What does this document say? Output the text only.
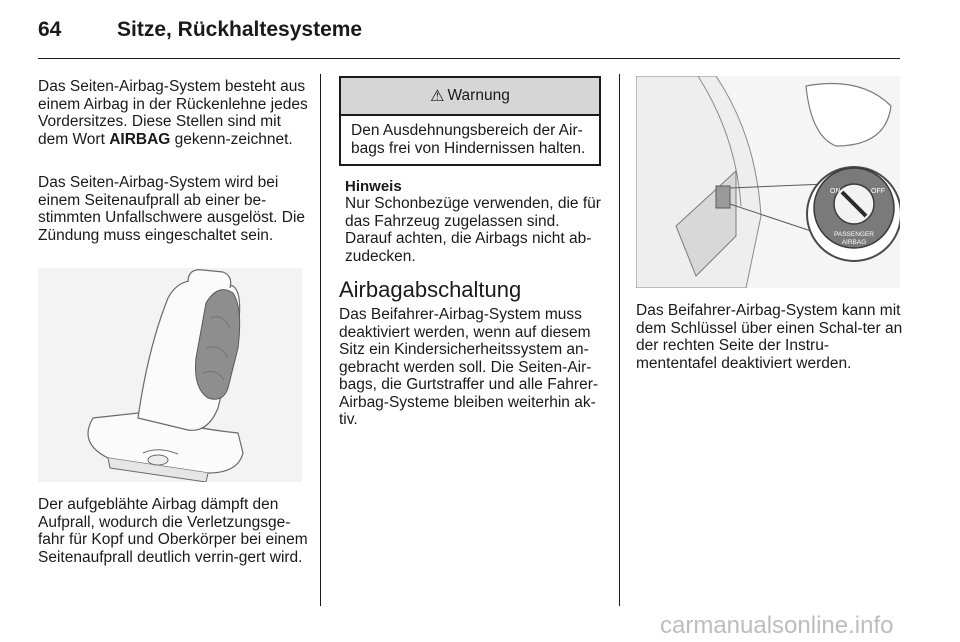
64	Sitze, Rückhaltesysteme

Das Seiten-Airbag-System besteht aus einem Airbag in der Rückenlehne jedes Vordersitzes. Diese Stellen sind mit dem Wort AIRBAG gekenn-zeichnet.

Das Seiten-Airbag-System wird bei einem Seitenaufprall ab einer be-stimmten Unfallschwere ausgelöst. Die Zündung muss eingeschaltet sein.

Der aufgeblähte Airbag dämpft den Aufprall, wodurch die Verletzungsge-fahr für Kopf und Oberkörper bei einem Seitenaufprall deutlich verrin-gert wird.

⚠ Warnung
Den Ausdehnungsbereich der Air-bags frei von Hindernissen halten.
Hinweis

Nur Schonbezüge verwenden, die für das Fahrzeug zugelassen sind. Darauf achten, die Airbags nicht ab-zudecken.

Airbagabschaltung

Das Beifahrer-Airbag-System muss deaktiviert werden, wenn auf diesem Sitz ein Kindersicherheitssystem an-gebracht werden soll. Die Seiten-Air-bags, die Gurtstraffer und alle Fahrer-Airbag-Systeme bleiben weiterhin ak-tiv.

ON	OFF
PASSENGER
AIRBAG

Das Beifahrer-Airbag-System kann mit dem Schlüssel über einen Schal-ter an der rechten Seite der Instru-mententafel deaktiviert werden.

carmanualsonline.info
